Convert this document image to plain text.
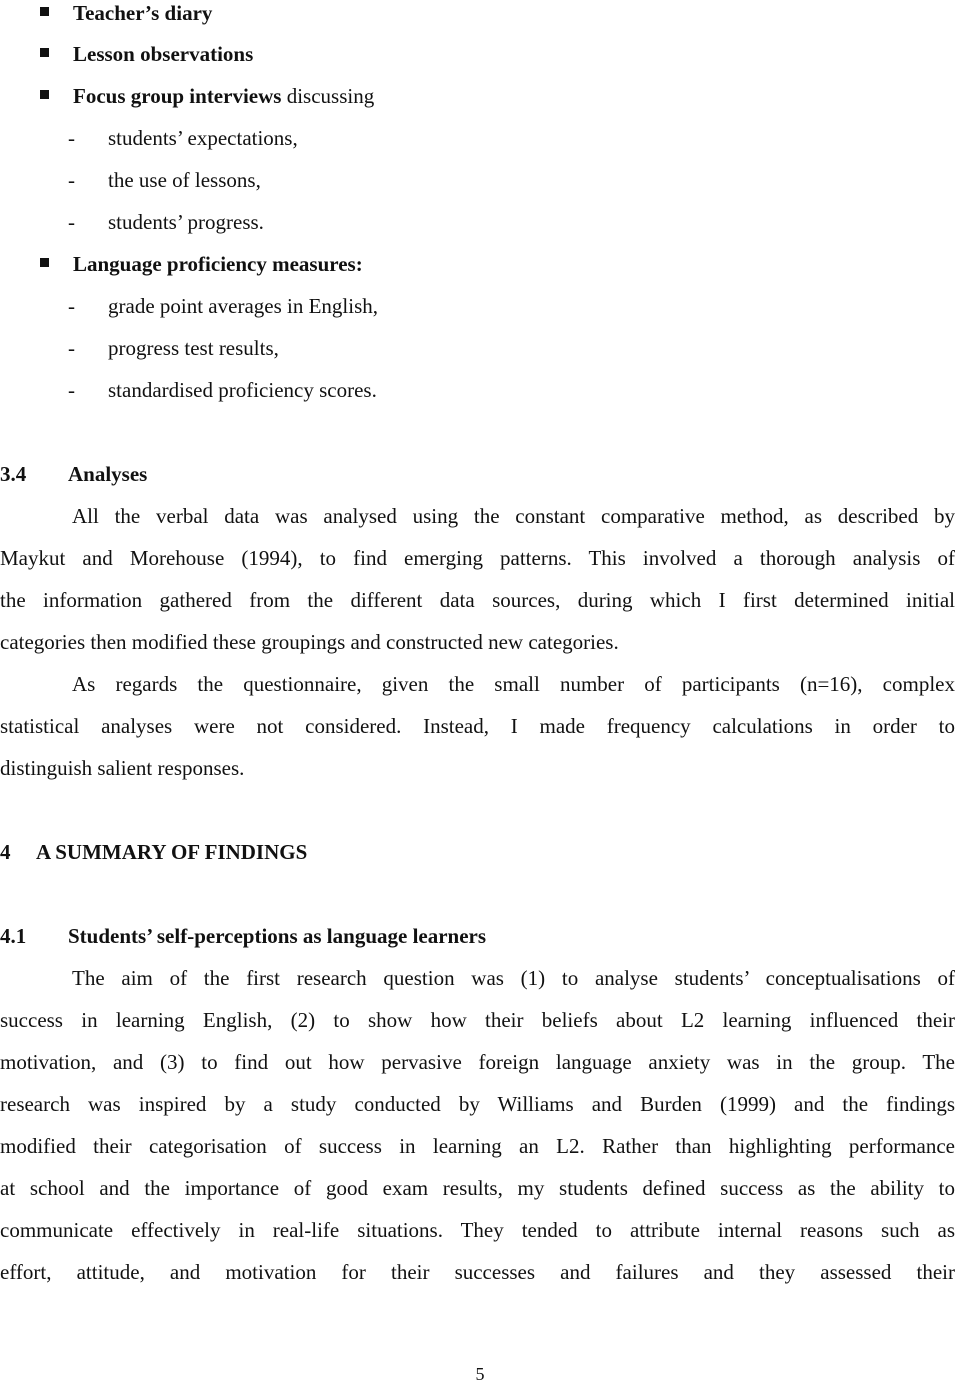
Teacher’s diary
Lesson observations
Focus group interviews discussing
- students’ expectations,
- the use of lessons,
- students’ progress.
Language proficiency measures:
- grade point averages in English,
- progress test results,
- standardised proficiency scores.
3.4 Analyses
All the verbal data was analysed using the constant comparative method, as described by
Maykut and Morehouse (1994), to find emerging patterns. This involved a thorough analysis of
the information gathered from the different data sources, during which I first determined initial
categories then modified these groupings and constructed new categories.
As regards the questionnaire, given the small number of participants (n=16), complex
statistical analyses were not considered. Instead, I made frequency calculations in order to
distinguish salient responses.
4 A SUMMARY OF FINDINGS
4.1 Students’ self-perceptions as language learners
The aim of the first research question was (1) to analyse students’ conceptualisations of
success in learning English, (2) to show how their beliefs about L2 learning influenced their
motivation, and (3) to find out how pervasive foreign language anxiety was in the group. The
research was inspired by a study conducted by Williams and Burden (1999) and the findings
modified their categorisation of success in learning an L2. Rather than highlighting performance
at school and the importance of good exam results, my students defined success as the ability to
communicate effectively in real-life situations. They tended to attribute internal reasons such as
effort, attitude, and motivation for their successes and failures and they assessed their
5
